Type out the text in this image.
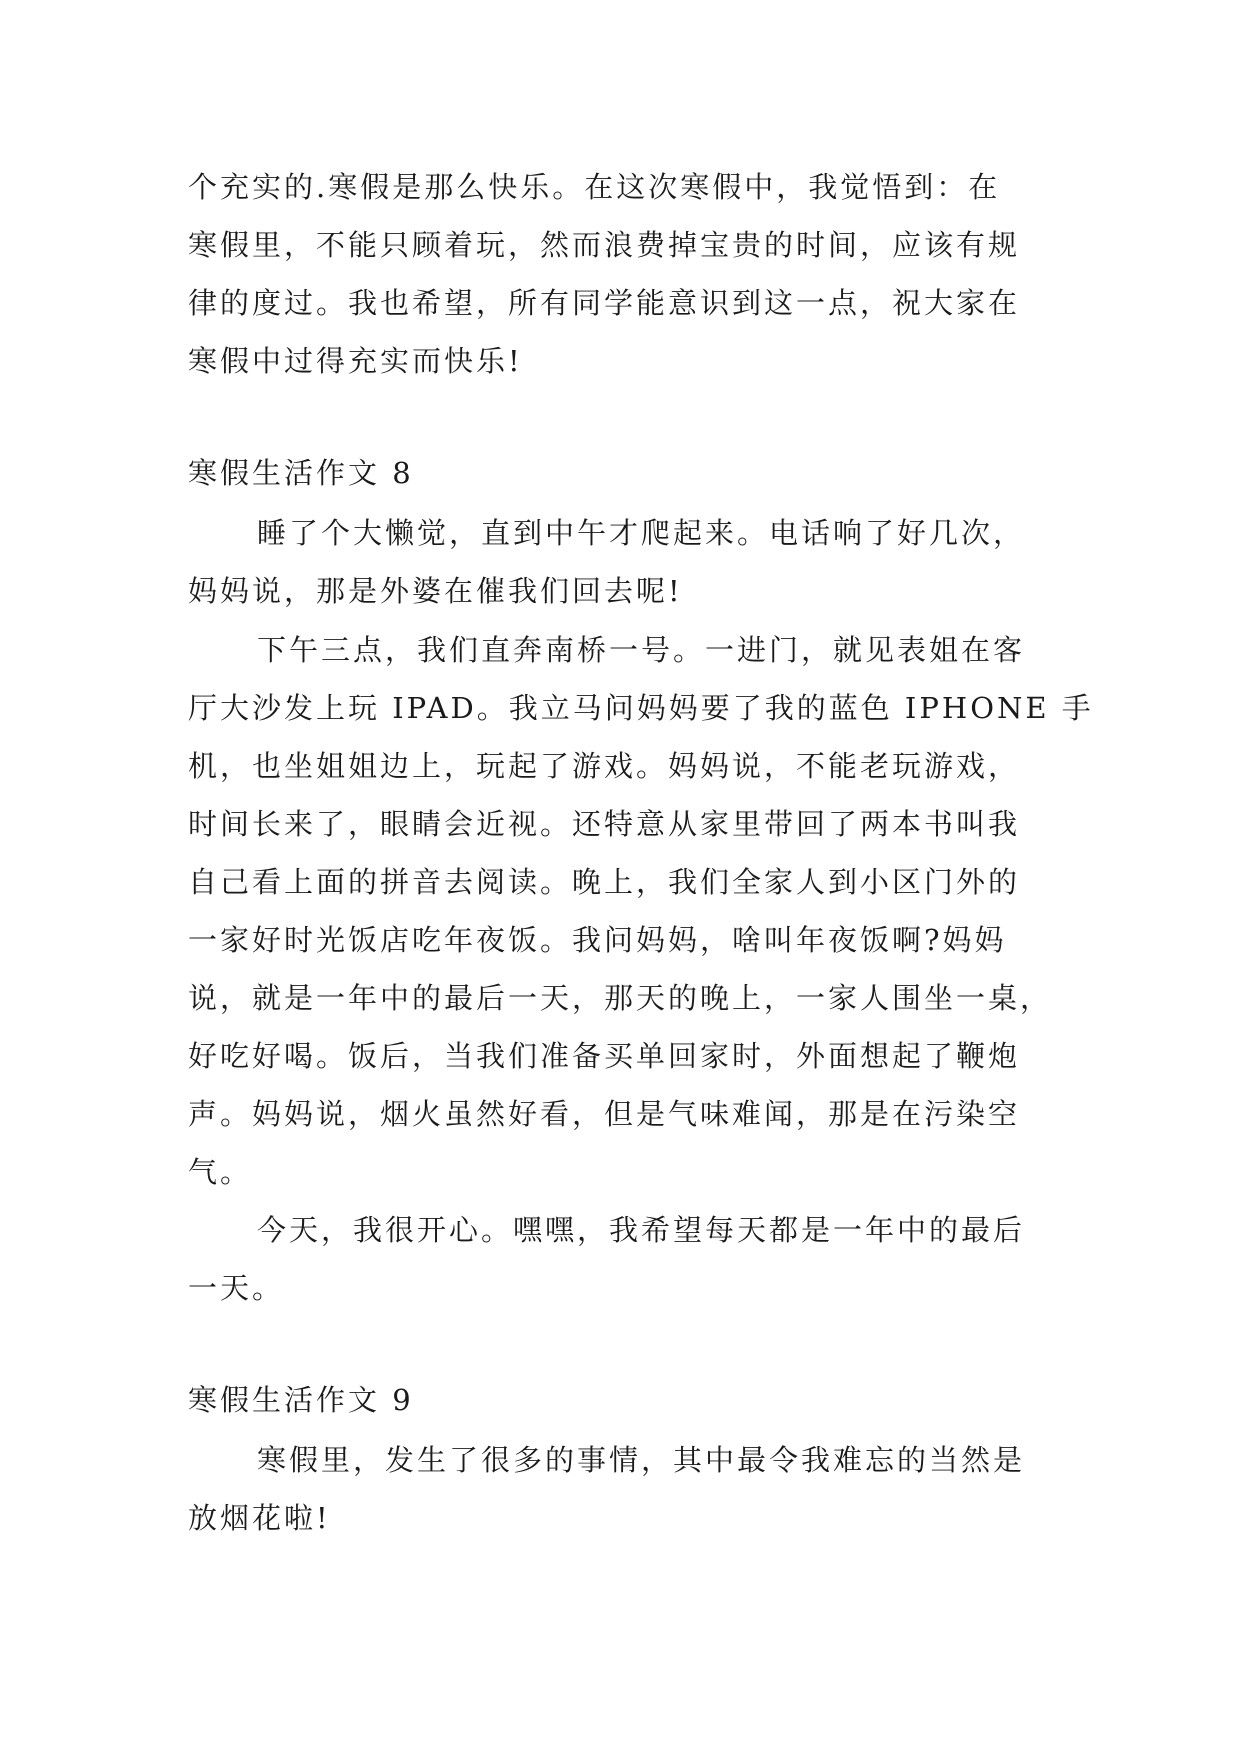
个充实的.寒假是那么快乐。在这次寒假中，我觉悟到：在
寒假里，不能只顾着玩，然而浪费掉宝贵的时间，应该有规
律的度过。我也希望，所有同学能意识到这一点，祝大家在
寒假中过得充实而快乐!
寒假生活作文 8
睡了个大懒觉，直到中午才爬起来。电话响了好几次，
妈妈说，那是外婆在催我们回去呢!
下午三点，我们直奔南桥一号。一进门，就见表姐在客
厅大沙发上玩 IPAD。我立马问妈妈要了我的蓝色 IPHONE 手
机，也坐姐姐边上，玩起了游戏。妈妈说，不能老玩游戏，
时间长来了，眼睛会近视。还特意从家里带回了两本书叫我
自己看上面的拼音去阅读。晚上，我们全家人到小区门外的
一家好时光饭店吃年夜饭。我问妈妈，啥叫年夜饭啊?妈妈
说，就是一年中的最后一天，那天的晚上，一家人围坐一桌，
好吃好喝。饭后，当我们准备买单回家时，外面想起了鞭炮
声。妈妈说，烟火虽然好看，但是气味难闻，那是在污染空
气。
今天，我很开心。嘿嘿，我希望每天都是一年中的最后
一天。
寒假生活作文 9
寒假里，发生了很多的事情，其中最令我难忘的当然是
放烟花啦!
